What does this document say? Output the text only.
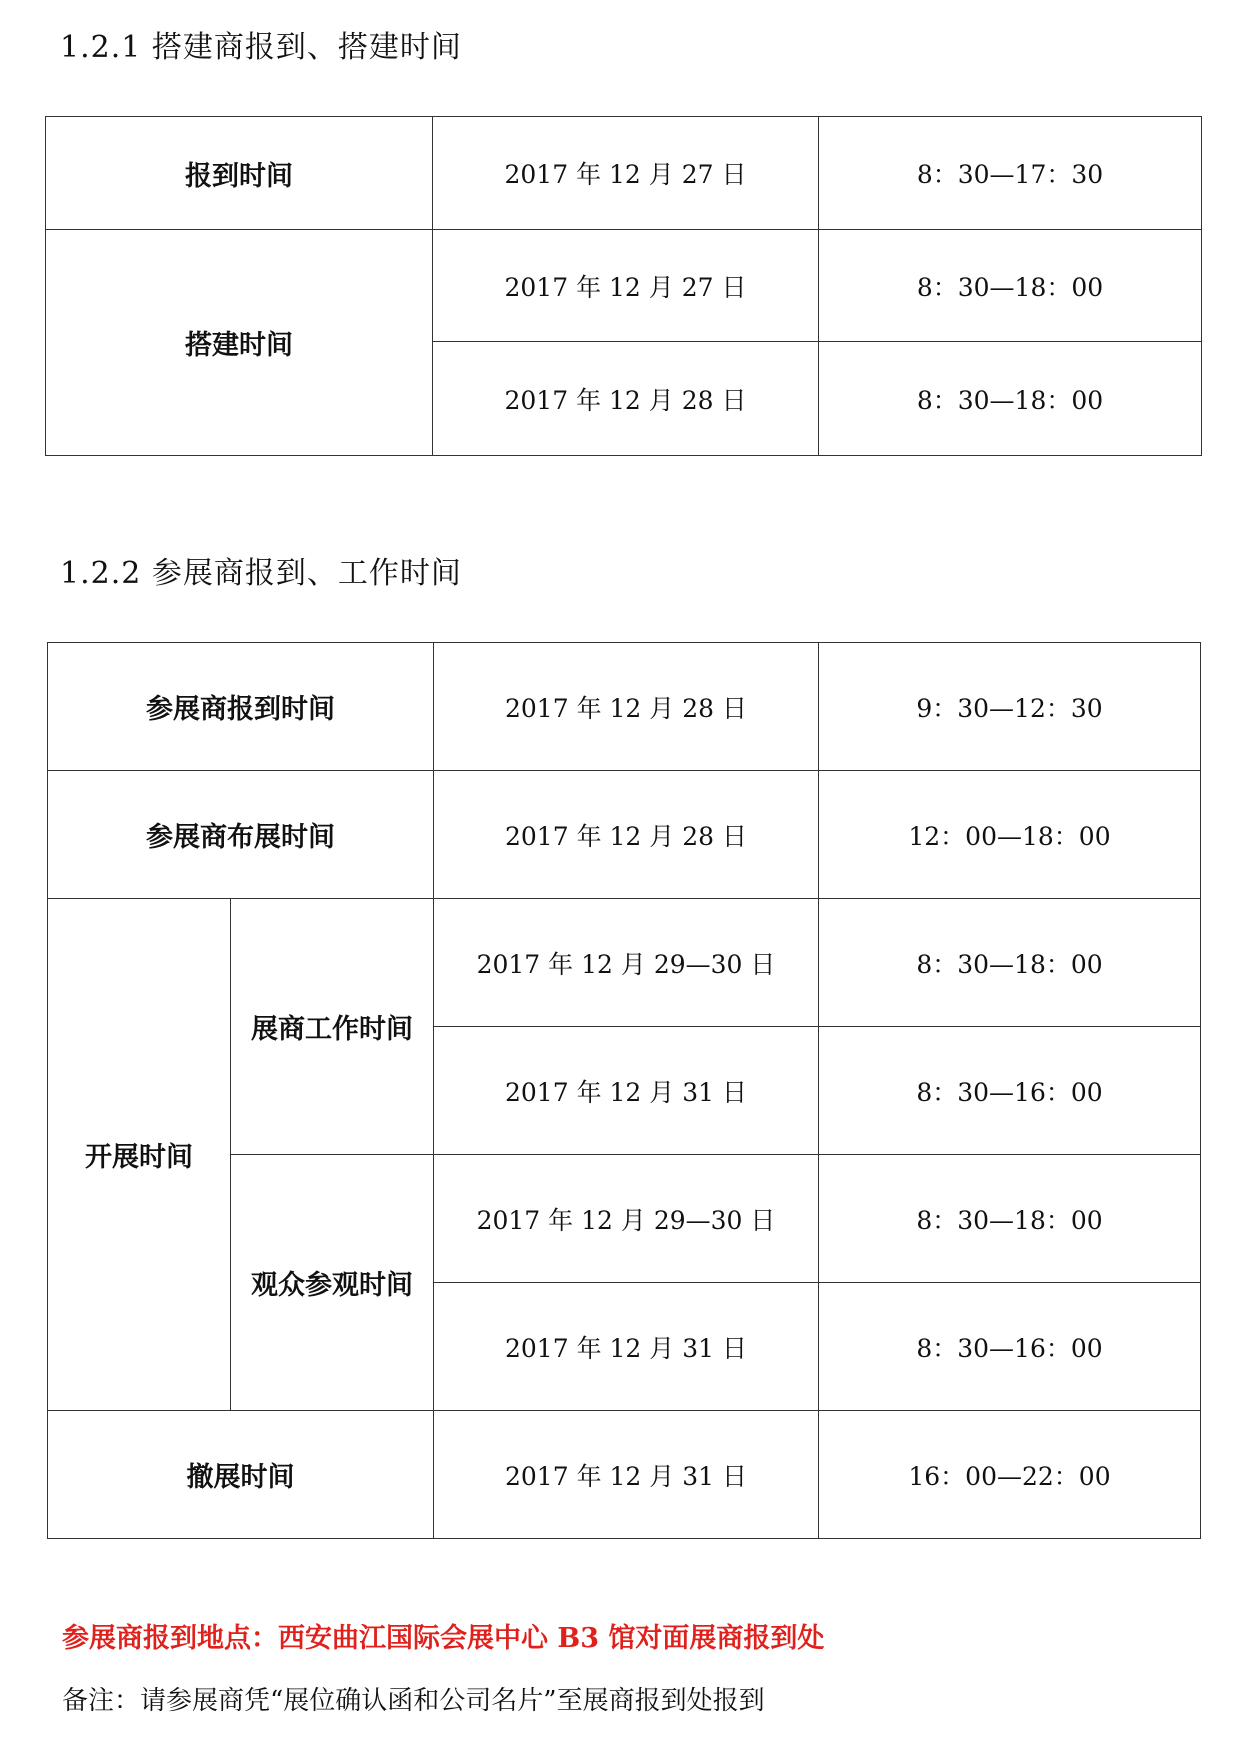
1.2.1 搭建商报到、搭建时间
报到时间	2017 年 12 月 27 日	8：30—17：30
搭建时间	2017 年 12 月 27 日	8：30—18：00
	2017 年 12 月 28 日	8：30—18：00
1.2.2 参展商报到、工作时间
参展商报到时间		2017 年 12 月 28 日	9：30—12：30
参展商布展时间		2017 年 12 月 28 日	12：00—18：00
开展时间	展商工作时间	2017 年 12 月 29—30 日	8：30—18：00
		2017 年 12 月 31 日	8：30—16：00
	观众参观时间	2017 年 12 月 29—30 日	8：30—18：00
		2017 年 12 月 31 日	8：30—16：00
撤展时间		2017 年 12 月 31 日	16：00—22：00
参展商报到地点：西安曲江国际会展中心 B3 馆对面展商报到处
备注：请参展商凭“展位确认函和公司名片”至展商报到处报到
